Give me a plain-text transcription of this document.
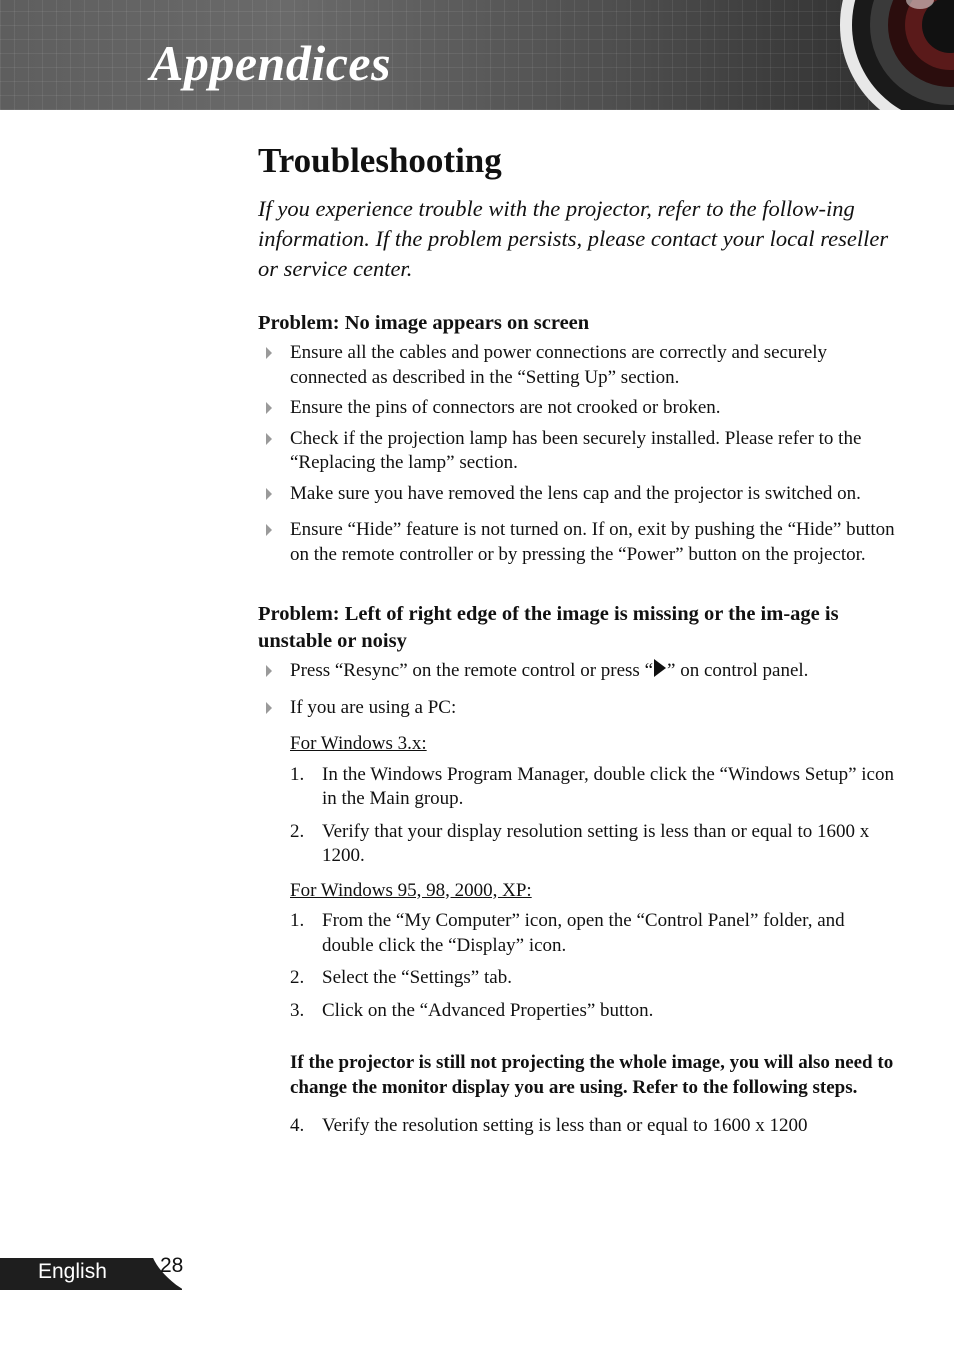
Appendices
Troubleshooting

If you experience trouble with the projector, refer to the follow-ing information. If the problem persists, please contact your local reseller or service center.

Problem: No image appears on screen
Ensure all the cables and power connections are correctly and securely connected as described in the “Setting Up” section.
Ensure the pins of connectors are not crooked or broken.
Check if the projection lamp has been securely installed. Please refer to the “Replacing the lamp” section.
Make sure you have removed the lens cap and the projector is switched on.
Ensure “Hide” feature is not turned on. If on, exit by pushing the “Hide” button on the remote controller or by pressing the “Power” button on the projector.
Problem: Left of right edge of the image is missing or the im-age is unstable or noisy
Press “Resync” on the remote control or press “ ” on control panel.
If you are using a PC:

For Windows 3.x:

1. In the Windows Program Manager, double click the “Windows Setup” icon in the Main group.
2. Verify that your display resolution setting is less than or equal to 1600 x 1200.

For Windows 95, 98, 2000, XP:

1. From the “My Computer” icon, open the “Control Panel” folder, and double click the “Display” icon.
2. Select the “Settings” tab.
3. Click on the “Advanced Properties” button.

If the projector is still not projecting the whole image, you will also need to change the monitor display you are using. Refer to the following steps.

4. Verify the resolution setting is less than or equal to 1600 x 1200
English	28
